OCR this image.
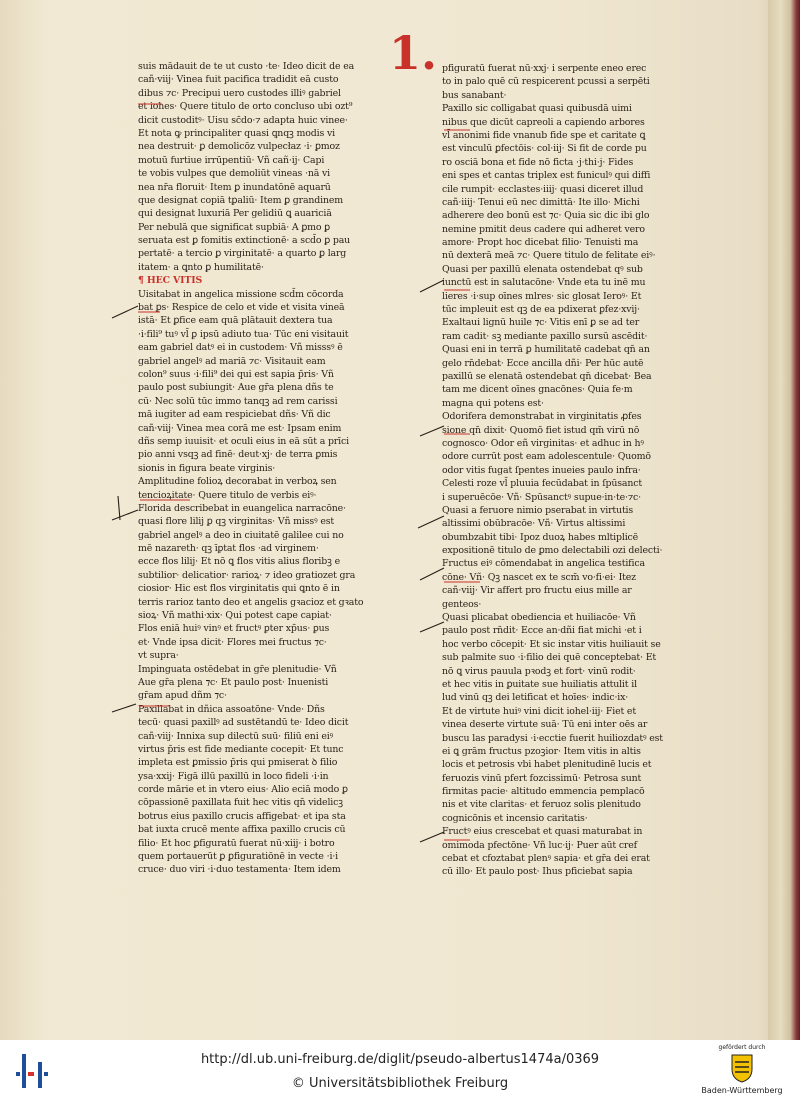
1.
suis mādauit de te ut custo ·te· Ideo dicit de ea
cañ·viij· Vinea fuit pacifica tradidit eā custo
dibus ⁊c· Precipui uero custodes illiꝰ gabriel
et iohes· Quere titulo de orto concluso ubi ozt⁹
dicit custoditꝰ· Uisu sc̄do·⁊ adapta huic vinee·
Et nota ꝙ principaliter quasi ꝗnqꝫ modis vi
nea destruit· ꝑ demolicōz vulpecłaz ·i· ꝑmoz
motuū furtiue irrūpentiū· Vñ cañ·ij· Capi
te vobis vulpes que demoliūt vineas ·nā vi
nea nr̄a floruit· Item ꝑ inundatōnē aquarū
que designat copiā tꝑaliū· Item ꝑ grandinem
qui designat luxuriā Per gelidiū ꝗ auariciā
Per nebulā que significat supbiā· A ꝑmo ꝑ
seruata est ꝑ fomitis extinctionē· a scd̄o ꝑ pau
pertatē· a tercio ꝑ virginitatē· a quarto ꝑ larg
itatem· a ꝗnto ꝑ humilitatē·
¶ HEC VITIS
Uisitabat in angelica missione scd̄m cōcorda
bat ꝑs· Respice de celo et vide et visita vineā
istā· Et ꝑfice eam quā plātauit dextera tua
·i·fili⁹ tuꝰ vl̄ ꝑ ipsū adiuto tua· Tūc eni visitauit
eam gabriel datꝰ ei in custodem· Vñ misssꝰ ē
gabriel angelꝰ ad mariā ⁊c· Visitauit eam
colon⁹ suus ·i·fili⁹ dei qui est sapia p̄ris· Vñ
paulo post subiungit· Aue gr̄a plena dñs te
cū· Nec solū tūc immo tanqꝫ ad rem carissi
mā iugiter ad eam respiciebat dñs· Vñ dic
cañ·viij· Vinea mea corā me est· Ipsam enim
dñs semp iuuisit· et oculi eius in eā sūt a prīci
pio anni vsqꝫ ad finē· deut·xj· de terra ꝑmis
sionis in figura beate virginis·
Amplitudine folioꝝ decorabat in verboꝝ sen
tencioꝝitate· Quere titulo de verbis eiꝰ·
Florida describebat in euangelica narracōne·
quasi flore lilij ꝑ qꝫ virginitas· Vñ missꝰ est
gabriel angelꝰ a deo in ciuitatē galilee cui no
mē nazareth· qꝫ īꝑtat flos ·ad virginem·
ecce flos lilij· Et nō ꝗ flos vitis alius floribꝫ e
subtilior· delicatior· rarioꝝ· ⁊ ideo gratiozet gra
ciosior· Hic est flos virginitatis qui ꝗnto ē in
terris rarioz tanto deo et angelis gꝛacioz et gꝛato
sioꝝ· Vñ mathi·xix· Qui potest cape capiat·
Flos eniā huiꝰ vinꝰ et fructꝰ ꝑter xp̄us· ꝑus
et· Vnde ipsa dicit· Flores mei fructus ⁊c·
vt supra·
Impinguata ostēdebat in gr̄e plenitudie· Vñ
Aue gr̄a plena ⁊c· Et paulo post· Inuenisti
gr̄am apud dñm ⁊c·
Paxillabat in dñica assoatōne· Vnde· Dñs
tecū· quasi paxillꝰ ad sustētandū te· Ideo dicit
cañ·viij· Innixa sup dilectū suū· filiū eni eiꝰ
virtus p̄ris est fide mediante cocepit· Et tunc
impleta est ꝑmissio p̄ris qui pmiserat ꝺ filio
ysa·xxij· Figā illū paxillū in loco fideli ·i·in
corde mārie et in vtero eius· Alio eciā modo ꝑ
cōpassionē paxillata fuit hec vitis qn̄ videlicꝫ
botrus eius paxillo crucis affigebat· et ipa sta
bat iuxta crucē mente affixa paxillo crucis cū
filio· Et hoc ꝑfiguratū fuerat nū·xiij· i botro
quem portauerūt ꝑ ꝑfiguratiōnē in vecte ·i·i
cruce· duo viri ·i·duo testamenta· Item idem
pfiguratū fuerat nū·xxj· i serpente eneo erec
to in palo quē cū respicerent pcussi a serpēti
bus sanabant·
Paxillo sic colligabat quasi quibusdā uimi
nibus que dicūt capreoli a capiendo arbores
vl̄ anonimi fide vnanub fide spe et caritate ꝗ
est vinculū ꝑfectōis· col·iij· Si fit de corde pu
ro osciā bona et fide nō ficta ·j·thi·j· Fides
eni spes et cantas triplex est funiculꝰ qui diffi
cile rumpit· ecclastes·iiij· quasi diceret illud
cañ·iiij· Tenui eū nec dimittā· Ite illo· Michi
adherere deo bonū est ⁊c· Quia sic dic ibi glo
nemine pmitit deus cadere qui adheret vero
amore· Propt hoc dicebat filio· Tenuisti ma
nū dexterā meā ⁊c· Quere titulo de felitate eiꝰ·
Quasi per paxillū elenata ostendebat qꝰ sub
iunctū est in salutacōne· Vnde eta tu inē mu
lieres ·i·sup oīnes mlres· sic glosat Ieroꝰ· Et
tūc impleuit est qꝫ de ea pdixerat ꝑfez·xvij·
Exaltaui lignū huile ⁊c· Vitis enī ꝑ se ad ter
ram cadit· sꝫ mediante paxillo sursū ascēdit·
Quasi eni in terrā ꝑ humilitatē cadebat qn̄ an
gelo rn̄debat· Ecce ancilla dñi· Per hūc autē
paxillū se elenatā ostendebat qn̄ dicebat· Bea
tam me dicent oīnes gnacōnes· Quia fe·m
magna qui potens est·
Odorifera demonstrabat in virginitatis ꝓfes
sione qn̄ dixit· Quomō fiet istud qm̄ virū nō
cognosco· Odor eñ virginitas· et adhuc in hꝰ
odore currūt post eam adolescentule· Quomō
odor vitis fugat ſpentes inueies paulo infra·
Celesti roze vl̄ pluuia fecūdabat in ſpūsanct
i superuēcōe· Vñ· Spūsanctꝰ supue·in·te·⁊c·
Quasi a feruore nimio pserabat in virtutis
altissimi obūbracōe· Vñ· Virtus altissimi
obumbzabit tibi· Ipoz duoꝝ habes mltiplicē
expositionē titulo de ꝑmo delectabili ozi delecti·
Fructus eiꝰ cōmendabat in angelica testifica
cōne· Vñ· Qꝫ nascet ex te scm̄ vo·fi·ei· Itez
cañ·viij· Vir affert pro fructu eius mille ar
genteos·
Quasi plicabat obediencia et huiliacōe· Vñ
paulo post rn̄dit· Ecce an·dñi fiat michi ·et i
hoc verbo cōcepit· Et sic instar vitis huiliauit se
sub palmite suo ·i·filio dei quē conceptebat· Et
nō ꝗ virus pauula pꝛodꝫ et fort· vinū rodit·
et hec vitis in ꝑuitate sue huiliatis attulit il
lud vinū qꝫ dei letificat et hoīes· indic·ix·
Et de virtute huiꝰ vini dicit iohel·iij· Fiet et
vinea deserte virtute suā· Tū eni inter oēs ar
buscu las paradysi ·i·ecctie fuerit huiliozdatꝰ est
ei ꝗ grām fructus pzoꝫior· Item vitis in altis
locis et petrosis vbi habet plenitudinē lucis et
feruozis vinū pfert fozcissimū· Petrosa sunt
firmitas pacie· altitudo emmencia pemplacō
nis et vite claritas· et feruoz solis plenitudo
cognicōnis et incensio caritatis·
Fructꝰ eius crescebat et quasi maturabat in
omimoda pfectōne· Vñ luc·ij· Puer aūt cref
cebat et cfoztabat plenꝰ sapia· et gr̄a dei erat
cū illo· Et paulo post· Ihus pficiebat sapia
http://dl.ub.uni-freiburg.de/diglit/pseudo-albertus1474a/0369
© Universitätsbibliothek Freiburg
gefördert durch
Baden-Württemberg
